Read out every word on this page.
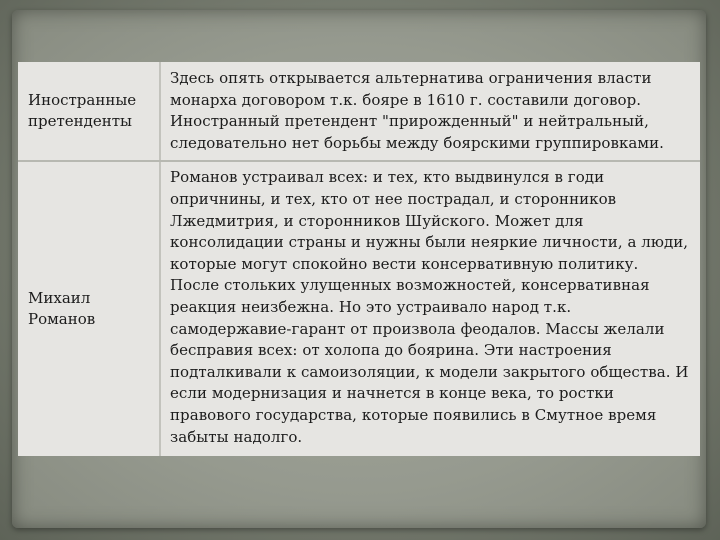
Иностранные претенденты
Здесь опять открывается альтернатива ограничения власти монарха договором т.к. бояре в 1610 г. составили договор. Иностранный претендент "прирожденный" и нейтральный, следовательно нет борьбы между боярскими группировками.
Михаил Романов
Романов устраивал всех: и тех, кто выдвинулся в годи опричнины, и тех, кто от нее пострадал, и сторонников Лжедмитрия, и сторонников Шуйского. Может для консолидации страны и нужны были неяркие личности, а люди, которые могут спокойно вести консервативную политику. После стольких улущенных возможностей, консервативная реакция неизбежна. Но это устраивало народ т.к. самодержавие-гарант от произвола феодалов. Массы желали бесправия всех: от холопа до боярина. Эти настроения подталкивали к самоизоляции, к модели закрытого общества. И если модернизация и начнется в конце века, то ростки правового государства, которые появились в Смутное время забыты надолго.
